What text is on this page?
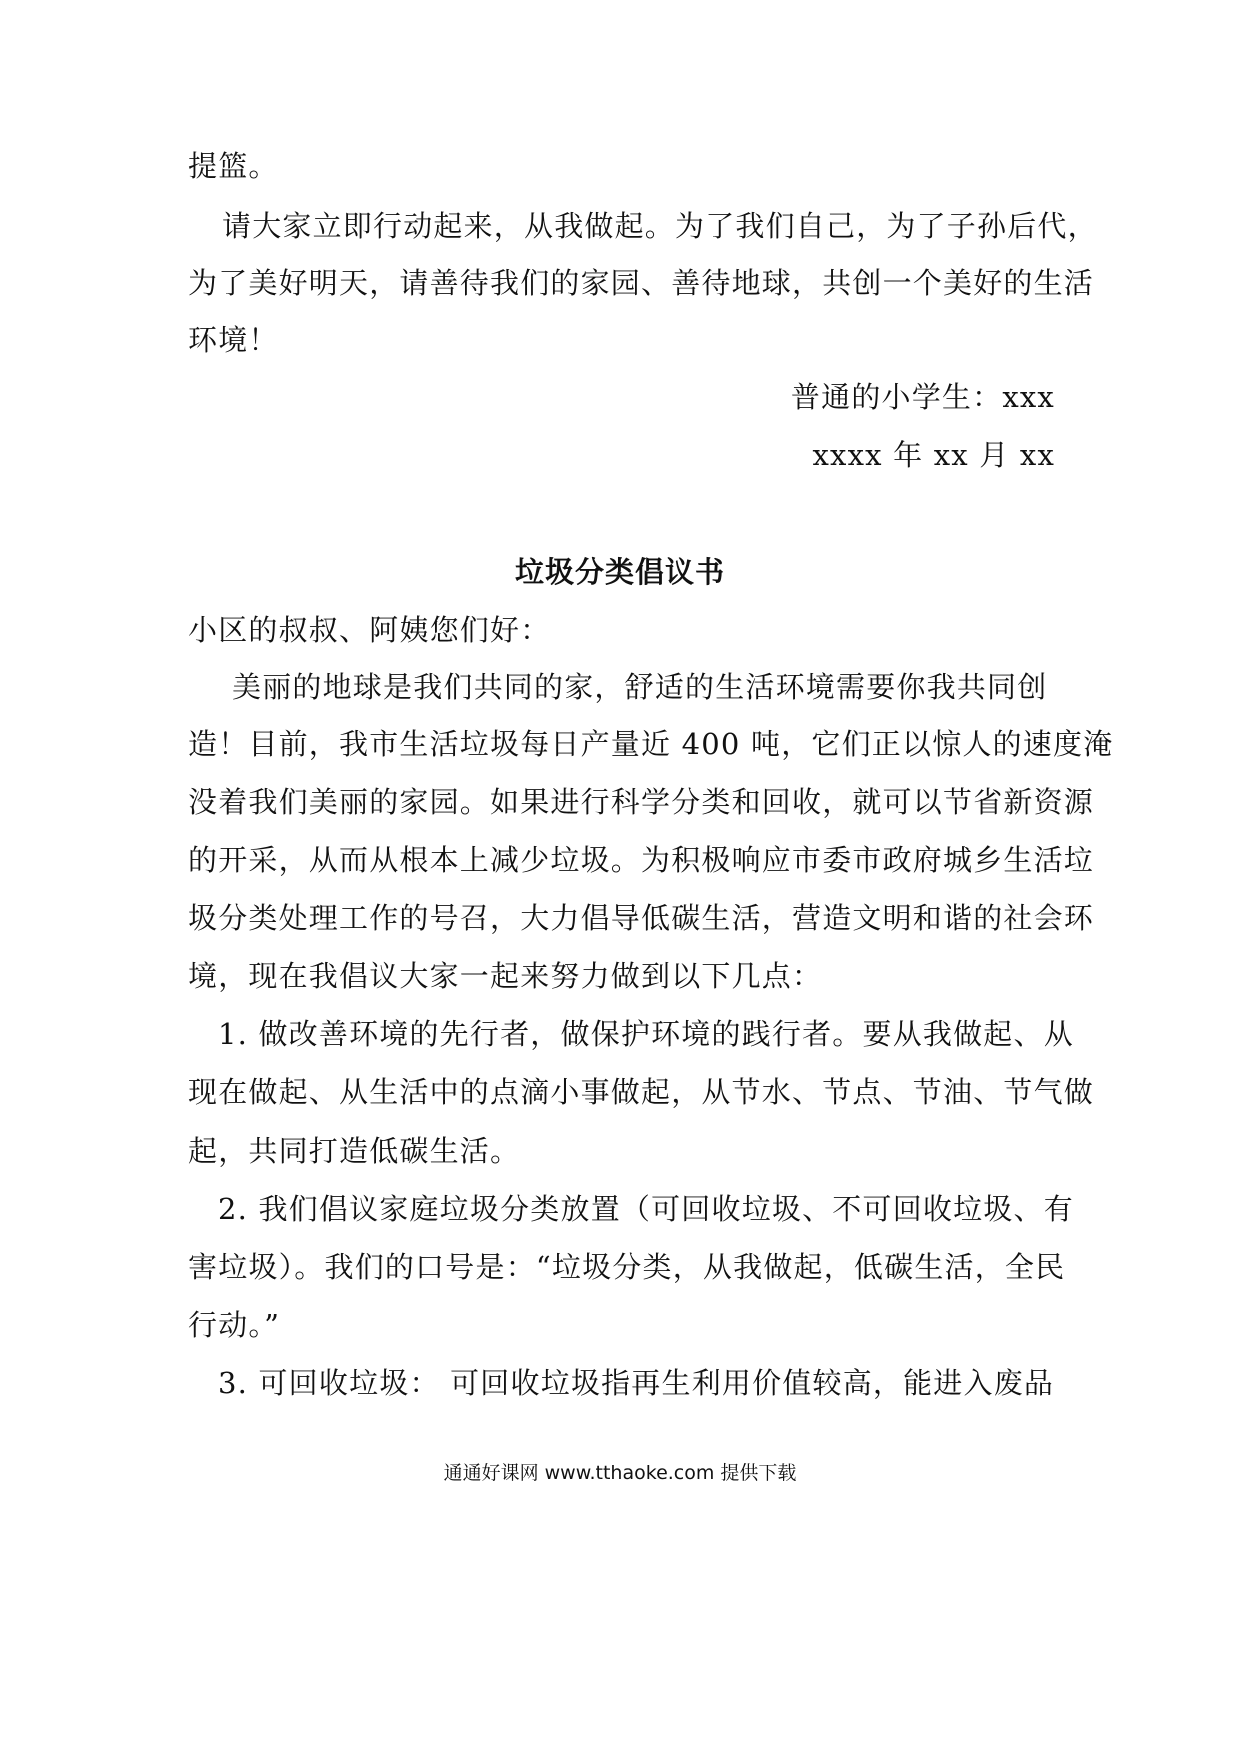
提篮。
请大家立即行动起来，从我做起。为了我们自己，为了子孙后代，
为了美好明天，请善待我们的家园、善待地球，共创一个美好的生活
环境！
普通的小学生：xxx
xxxx 年 xx 月 xx
垃圾分类倡议书
小区的叔叔、阿姨您们好：
美丽的地球是我们共同的家，舒适的生活环境需要你我共同创
造！目前，我市生活垃圾每日产量近 400 吨，它们正以惊人的速度淹
没着我们美丽的家园。如果进行科学分类和回收，就可以节省新资源
的开采，从而从根本上减少垃圾。为积极响应市委市政府城乡生活垃
圾分类处理工作的号召，大力倡导低碳生活，营造文明和谐的社会环
境，现在我倡议大家一起来努力做到以下几点：
1. 做改善环境的先行者，做保护环境的践行者。要从我做起、从
现在做起、从生活中的点滴小事做起，从节水、节点、节油、节气做
起，共同打造低碳生活。
2. 我们倡议家庭垃圾分类放置（可回收垃圾、不可回收垃圾、有
害垃圾）。我们的口号是：“垃圾分类，从我做起，低碳生活，全民
行动。”
3. 可回收垃圾： 可回收垃圾指再生利用价值较高，能进入废品
通通好课网 www.tthaoke.com 提供下载
